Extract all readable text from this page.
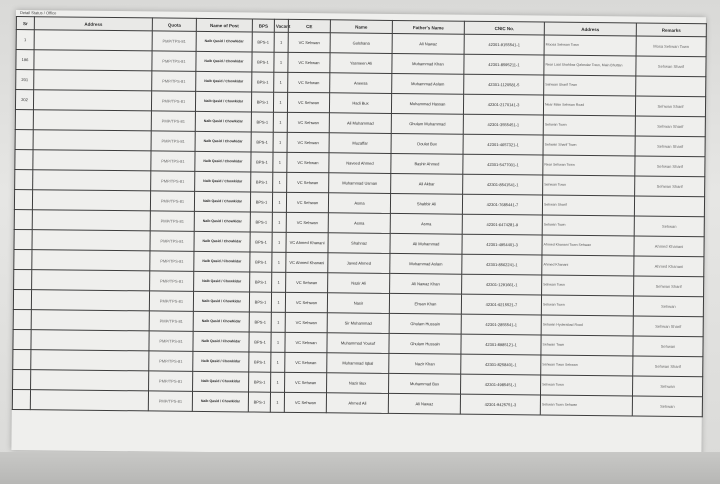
Detail Status / Office
Sr	Address	Quota	Name of Post	BPS	Vacant	CE	Name	Father's Name	CNIC No.	Address	Remarks
1		PMP/TPS-81	Naib Qasid / Chowkidar	BPS-1	1	VC Sehwan	Gulshana	Ali Nawaz	42301-9155541-1	Moosa Sehwan Town	Mosa Sehwan Town
196		PMP/TPS-81	Naib Qasid / Chowkidar	BPS-1	1	VC Sehwan	Yasmeen Ali	Muhammad Khan	42301-8595211-1	Near Laal Shahbaz Qalandar Town, Main Bhuttan	Sehwan Sharif
201		PMP/TPS-81	Naib Qasid / Chowkidar	BPS-1	1	VC Sehwan	Aneesa	Muhammad Aslam	42301-1120581-5	Sehwan Sharif Town	
202		PMP/TPS-81	Naib Qasid / Chowkidar	BPS-1	1	VC Sehwan	Hadi Bux	Muhammad Hassan	42301-2170141-3	Near Main Sehwan Road	Sehwan Sharif
		PMP/TPS-81	Naib Qasid / Chowkidar	BPS-1	1	VC Sehwan	Ali Muhammad	Ghulam Muhammad	42301-3555451-1	Sehwan Town	Sehwan Sharif
		PMP/TPS-81	Naib Qasid / Chowkidar	BPS-1	1	VC Sehwan	Muzaffar	Doulat Bux	42301-4657321-1	Sehwan Sharif Town	Sehwan Sharif
		PMP/TPS-81	Naib Qasid / Chowkidar	BPS-1	1	VC Sehwan	Naveed Ahmed	Bashir Ahmed	42301-5477001-1	Near Sehwan Town	Sehwan Sharif
		PMP/TPS-81	Naib Qasid / Chowkidar	BPS-1	1	VC Sehwan	Muhammad Usman	Ali Akbar	42301-8541541-1	Sehwan Town	Sehwan Sharif
		PMP/TPS-81	Naib Qasid / Chowkidar	BPS-1	1	VC Sehwan	Asma	Shabbir Ali	42301-7685441-7	Sehwan Sharif	
		PMP/TPS-81	Naib Qasid / Chowkidar	BPS-1	1	VC Sehwan	Asma	Asma	42301-6474281-9	Sehwan Town	Sehwan
		PMP/TPS-81	Naib Qasid / Chowkidar	BPS-1	1	VC Ahmed Khanani	Shahnaz	Ali Muhammad	42301-4954401-3	Ahmed Khanani Town Sehwan	Ahmed Khanani
		PMP/TPS-81	Naib Qasid / Chowkidar	BPS-1	1	VC Ahmed Khanani	Javed Ahmed	Muhammad Aslam	42301-8562241-1	Ahmed Khanani	Ahmed Khanani
		PMP/TPS-81	Naib Qasid / Chowkidar	BPS-1	1	VC Sehwan	Nazir Ali	Ali Nawaz Khan	42301-1291661-1	Sehwan Town	Sehwan Sharif
		PMP/TPS-81	Naib Qasid / Chowkidar	BPS-1	1	VC Sehwan	Nasir	Ehsan Khan	42301-9215521-7	Sehwan Town	Sehwan
		PMP/TPS-81	Naib Qasid / Chowkidar	BPS-1	1	VC Sehwan	Sir Muhammad	Ghulam Hussain	42301-2855541-1	Sehwan Hyderabad Road	Sehwan Sharif
		PMP/TPS-81	Naib Qasid / Chowkidar	BPS-1	1	VC Sehwan	Muhammad Yousuf	Ghulam Hussain	42301-8985121-1	Sehwan Town	Sehwan
		PMP/TPS-81	Naib Qasid / Chowkidar	BPS-1	1	VC Sehwan	Muhammad Iqbal	Nazir Khan	42301-8258401-1	Sehwan Town Sehwan	Sehwan Sharif
		PMP/TPS-81	Naib Qasid / Chowkidar	BPS-1	1	VC Sehwan	Nazir Bux	Muhammad Bux	42301-4985451-1	Sehwan Town	Sehwan
		PMP/TPS-81	Naib Qasid / Chowkidar	BPS-1	1	VC Sehwan	Ahmed Ali	Ali Nawaz	42301-9425751-3	Sehwan Town Sehwan	Sehwan
